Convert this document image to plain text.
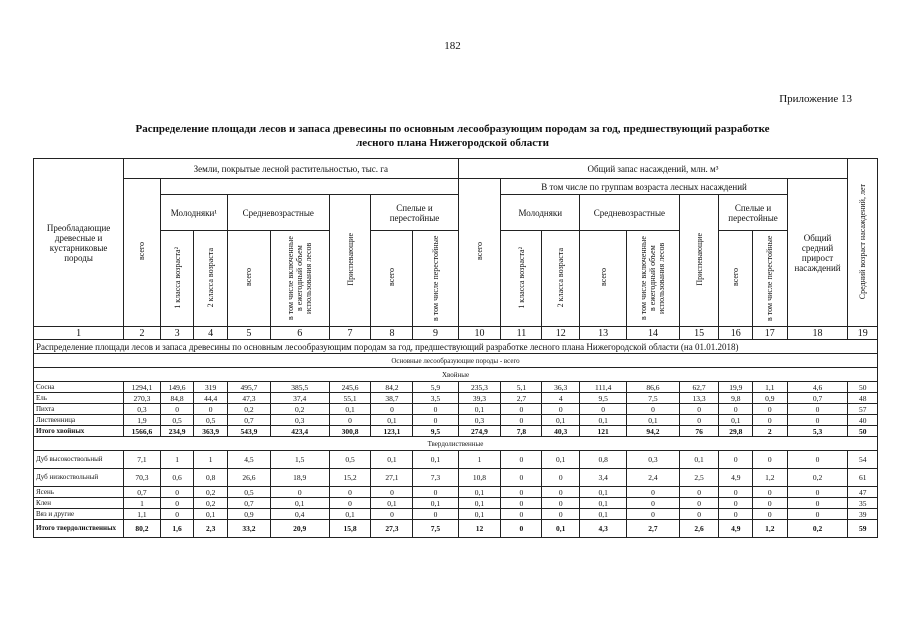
182
Приложение 13
Распределение площади лесов и запаса древесины по основным лесообразующим породам за год, предшествующий разработке
лесного плана Нижегородской области
Преобладающие древесные и кустарниковые породы	Земли, покрытые лесной растительностью, тыс. га								Общий запас насаждений, млн. м³									Средний возраст насаждений, лет
	всего								всего	В том числе по группам возраста лесных насаждений							Общий средний прирост насаждений	
		Молодняки¹		Средневозрастные		Приспевающие	Спелые и перестойные			Молодняки		Средневозрастные		Приспевающие	Спелые и перестойные			
		1 класса возраста²	2 класса возраста	всего	в том числе включенные в ежегодный объем использования лесов		всего	в том числе перестойные		1 класса возраста²	2 класса возраста	всего	в том числе включенные в ежегодный объем использования лесов		всего	в том числе перестойные		
1	2	3	4	5	6	7	8	9	10	11	12	13	14	15	16	17	18	19
Распределение площади лесов и запаса древесины по основным лесообразующим породам за год, предшествующий разработке лесного плана Нижегородской области (на 01.01.2018)																		
Основные лесообразующие породы - всего																		
Хвойные																		
Сосна	1294,1	149,6	319	495,7	385,5	245,6	84,2	5,9	235,3	5,1	36,3	111,4	86,6	62,7	19,9	1,1	4,6	50
Ель	270,3	84,8	44,4	47,3	37,4	55,1	38,7	3,5	39,3	2,7	4	9,5	7,5	13,3	9,8	0,9	0,7	48
Пихта	0,3	0	0	0,2	0,2	0,1	0	0	0,1	0	0	0	0	0	0	0	0	57
Лиственница	1,9	0,5	0,5	0,7	0,3	0	0,1	0	0,3	0	0,1	0,1	0,1	0	0,1	0	0	40
Итого хвойных	1566,6	234,9	363,9	543,9	423,4	300,8	123,1	9,5	274,9	7,8	40,3	121	94,2	76	29,8	2	5,3	50
Твердолиственные																		
Дуб высокоствольный	7,1	1	1	4,5	1,5	0,5	0,1	0,1	1	0	0,1	0,8	0,3	0,1	0	0	0	54
Дуб низкоствольный	70,3	0,6	0,8	26,6	18,9	15,2	27,1	7,3	10,8	0	0	3,4	2,4	2,5	4,9	1,2	0,2	61
Ясень	0,7	0	0,2	0,5	0	0	0	0	0,1	0	0	0,1	0	0	0	0	0	47
Клен	1	0	0,2	0,7	0,1	0	0,1	0,1	0,1	0	0	0,1	0	0	0	0	0	35
Вяз и другие	1,1	0	0,1	0,9	0,4	0,1	0	0	0,1	0	0	0,1	0	0	0	0	0	39
Итого твердолиственных	80,2	1,6	2,3	33,2	20,9	15,8	27,3	7,5	12	0	0,1	4,3	2,7	2,6	4,9	1,2	0,2	59
